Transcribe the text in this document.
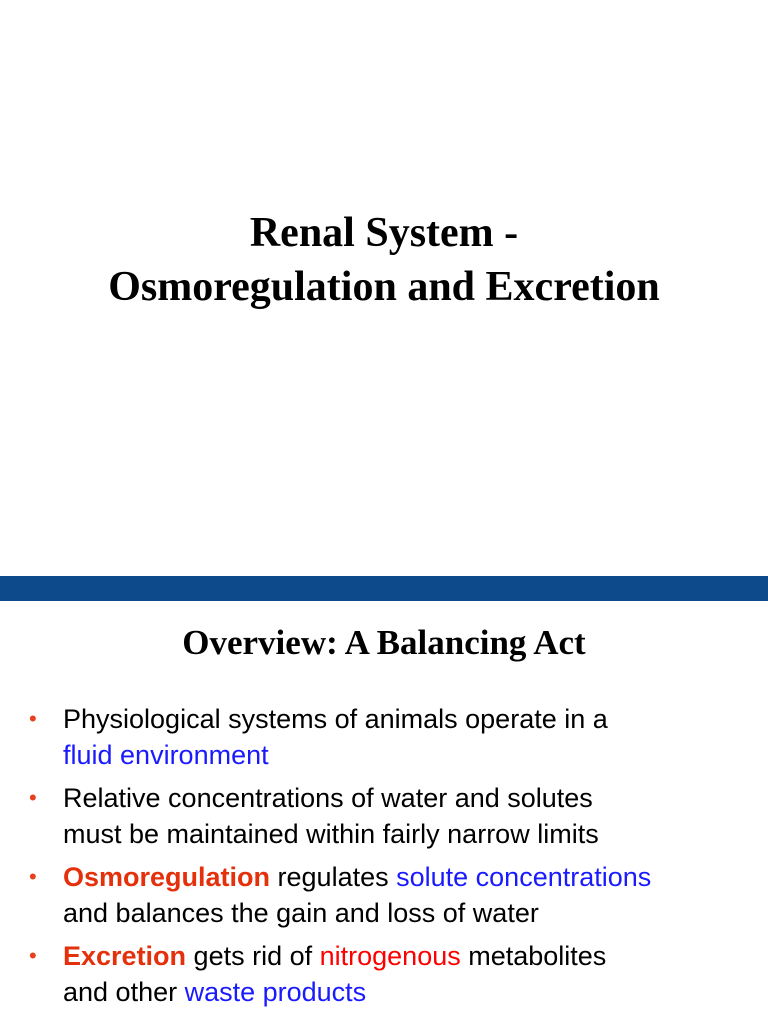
Renal System -
Osmoregulation and Excretion
Overview: A Balancing Act
• Physiological systems of animals operate in a
fluid environment
• Relative concentrations of water and solutes
must be maintained within fairly narrow limits
• Osmoregulation regulates solute concentrations
and balances the gain and loss of water
• Excretion gets rid of nitrogenous metabolites
and other waste products
